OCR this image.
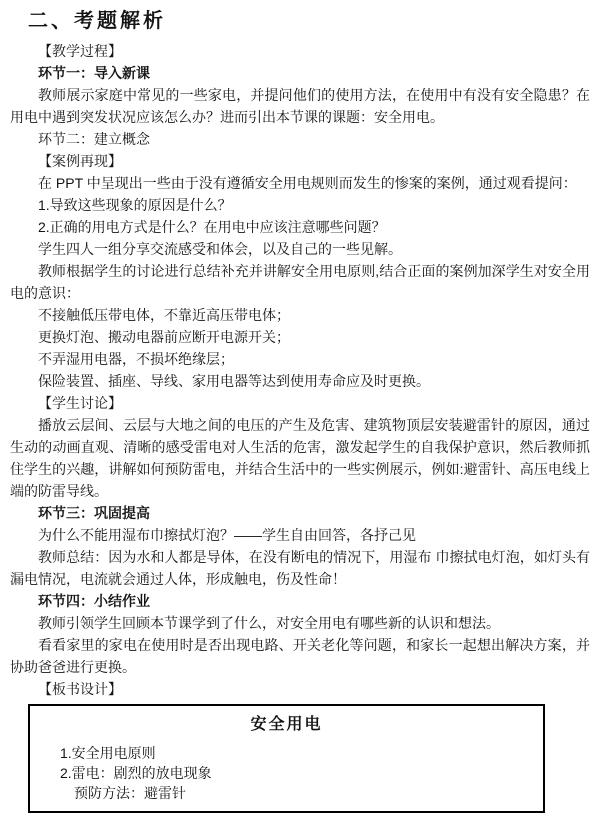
二、考题解析

【教学过程】

环节一：导入新课

教师展示家庭中常见的一些家电，并提问他们的使用方法，在使用中有没有安全隐患？在用电中遇到突发状况应该怎么办？进而引出本节课的课题：安全用电。

环节二：建立概念

【案例再现】

在 PPT 中呈现出一些由于没有遵循安全用电规则而发生的惨案的案例，通过观看提问：

1.导致这些现象的原因是什么？

2.正确的用电方式是什么？在用电中应该注意哪些问题？

学生四人一组分享交流感受和体会，以及自己的一些见解。

教师根据学生的讨论进行总结补充并讲解安全用电原则,结合正面的案例加深学生对安全用电的意识：

不接触低压带电体，不靠近高压带电体；

更换灯泡、搬动电器前应断开电源开关；

不弄湿用电器，不损坏绝缘层；

保险装置、插座、导线、家用电器等达到使用寿命应及时更换。

【学生讨论】

播放云层间、云层与大地之间的电压的产生及危害、建筑物顶层安装避雷针的原因，通过生动的动画直观、清晰的感受雷电对人生活的危害，激发起学生的自我保护意识，然后教师抓住学生的兴趣，讲解如何预防雷电，并结合生活中的一些实例展示，例如:避雷针、高压电线上端的防雷导线。

环节三：巩固提高

为什么不能用湿布巾擦拭灯泡？——学生自由回答，各抒己见

教师总结：因为水和人都是导体，在没有断电的情况下，用湿布 巾擦拭电灯泡，如灯头有漏电情况，电流就会通过人体，形成触电，伤及性命！

环节四：小结作业

教师引领学生回顾本节课学到了什么，对安全用电有哪些新的认识和想法。

看看家里的家电在使用时是否出现电路、开关老化等问题，和家长一起想出解决方案，并协助爸爸进行更换。

【板书设计】

安全用电
1.安全用电原则
2.雷电：剧烈的放电现象
预防方法：避雷针
